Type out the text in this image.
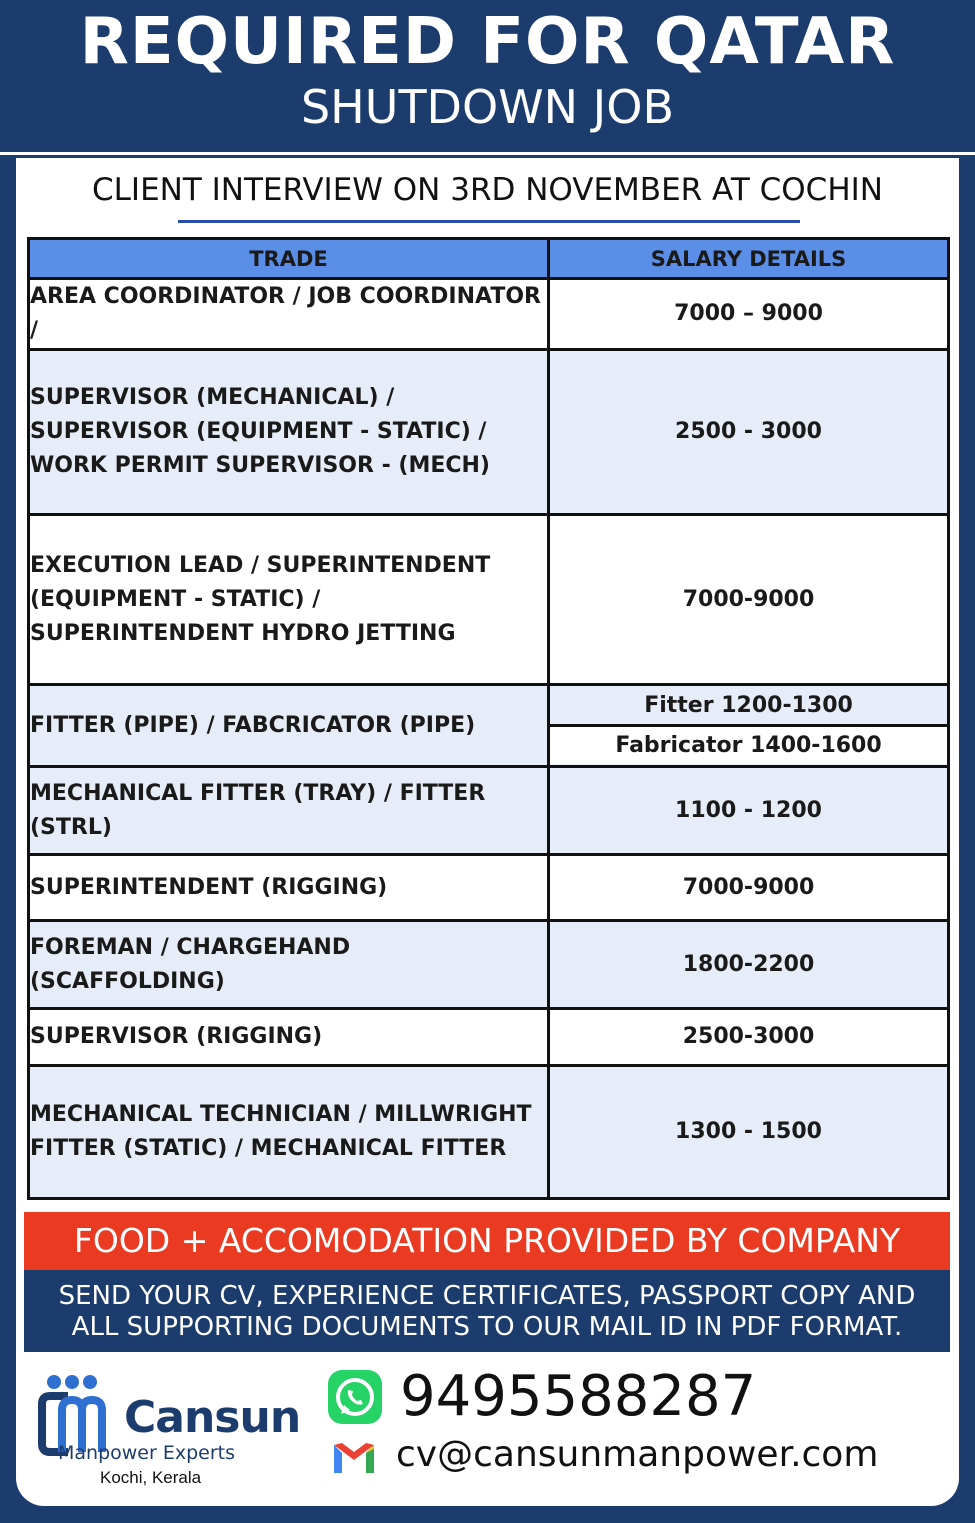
REQUIRED FOR QATAR
SHUTDOWN JOB
CLIENT INTERVIEW ON 3RD NOVEMBER AT COCHIN
TRADE	SALARY DETAILS
AREA COORDINATOR / JOB COORDINATOR /	7000 – 9000
SUPERVISOR (MECHANICAL) / SUPERVISOR (EQUIPMENT - STATIC) / WORK PERMIT SUPERVISOR - (MECH)	2500 - 3000
EXECUTION LEAD / SUPERINTENDENT (EQUIPMENT - STATIC) / SUPERINTENDENT HYDRO JETTING	7000-9000
FITTER (PIPE) / FABCRICATOR (PIPE)	Fitter 1200-1300
Fabricator 1400-1600

MECHANICAL FITTER (TRAY) / FITTER (STRL)	1100 - 1200
SUPERINTENDENT (RIGGING)	7000-9000
FOREMAN / CHARGEHAND (SCAFFOLDING)	1800-2200
SUPERVISOR (RIGGING)	2500-3000
MECHANICAL TECHNICIAN / MILLWRIGHT FITTER (STATIC) / MECHANICAL FITTER	1300 - 1500
FOOD + ACCOMODATION PROVIDED BY COMPANY
SEND YOUR CV, EXPERIENCE CERTIFICATES, PASSPORT COPY AND
ALL SUPPORTING DOCUMENTS TO OUR MAIL ID IN PDF FORMAT.
Cansun
Manpower Experts
Kochi, Kerala
9495588287
cv@cansunmanpower.com
